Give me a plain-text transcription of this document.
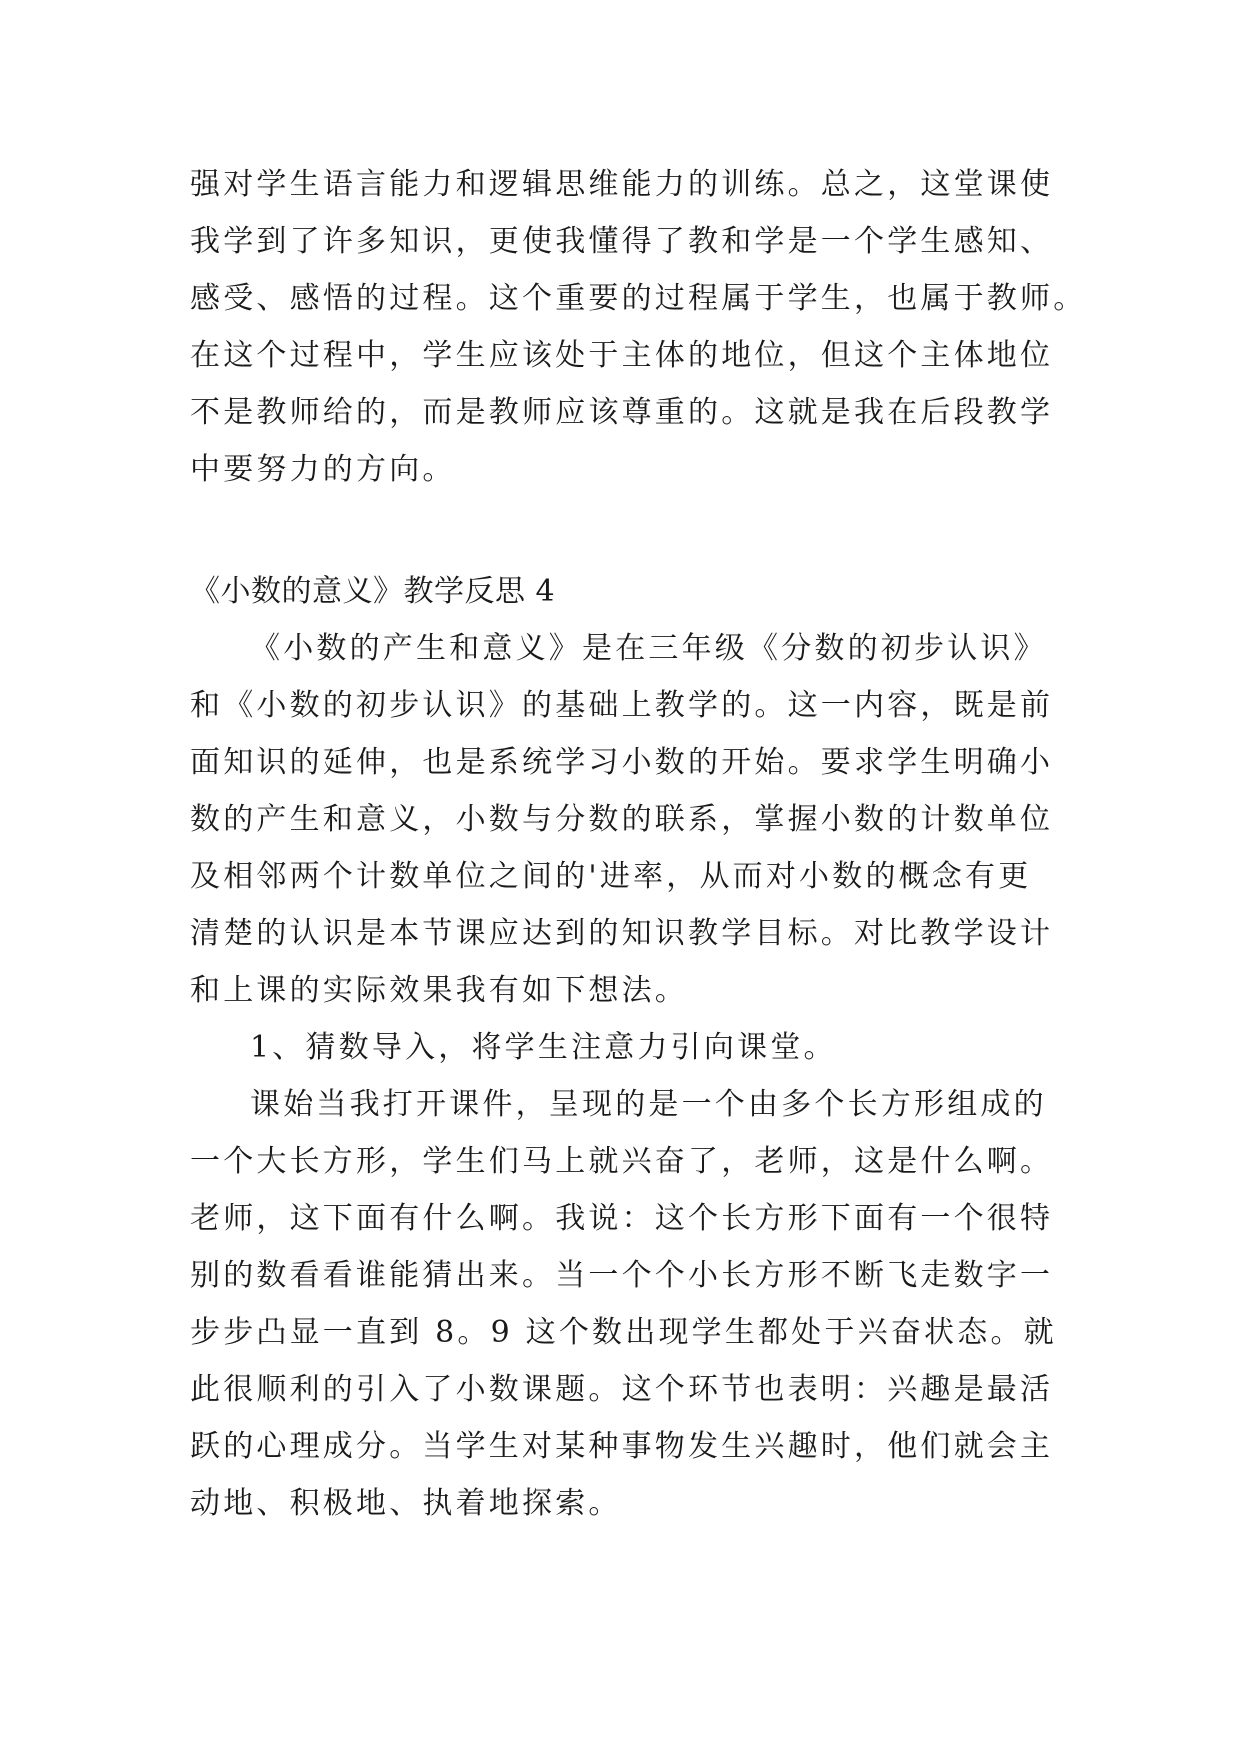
强对学生语言能力和逻辑思维能力的训练。总之，这堂课使
我学到了许多知识，更使我懂得了教和学是一个学生感知、
感受、感悟的过程。这个重要的过程属于学生，也属于教师。
在这个过程中，学生应该处于主体的地位，但这个主体地位
不是教师给的，而是教师应该尊重的。这就是我在后段教学
中要努力的方向。
《小数的意义》教学反思 4
《小数的产生和意义》是在三年级《分数的初步认识》
和《小数的初步认识》的基础上教学的。这一内容，既是前
面知识的延伸，也是系统学习小数的开始。要求学生明确小
数的产生和意义，小数与分数的联系，掌握小数的计数单位
及相邻两个计数单位之间的'进率，从而对小数的概念有更
清楚的认识是本节课应达到的知识教学目标。对比教学设计
和上课的实际效果我有如下想法。
1、猜数导入，将学生注意力引向课堂。
课始当我打开课件，呈现的是一个由多个长方形组成的
一个大长方形，学生们马上就兴奋了，老师，这是什么啊。
老师，这下面有什么啊。我说：这个长方形下面有一个很特
别的数看看谁能猜出来。当一个个小长方形不断飞走数字一
步步凸显一直到 8。9 这个数出现学生都处于兴奋状态。就
此很顺利的引入了小数课题。这个环节也表明：兴趣是最活
跃的心理成分。当学生对某种事物发生兴趣时，他们就会主
动地、积极地、执着地探索。
